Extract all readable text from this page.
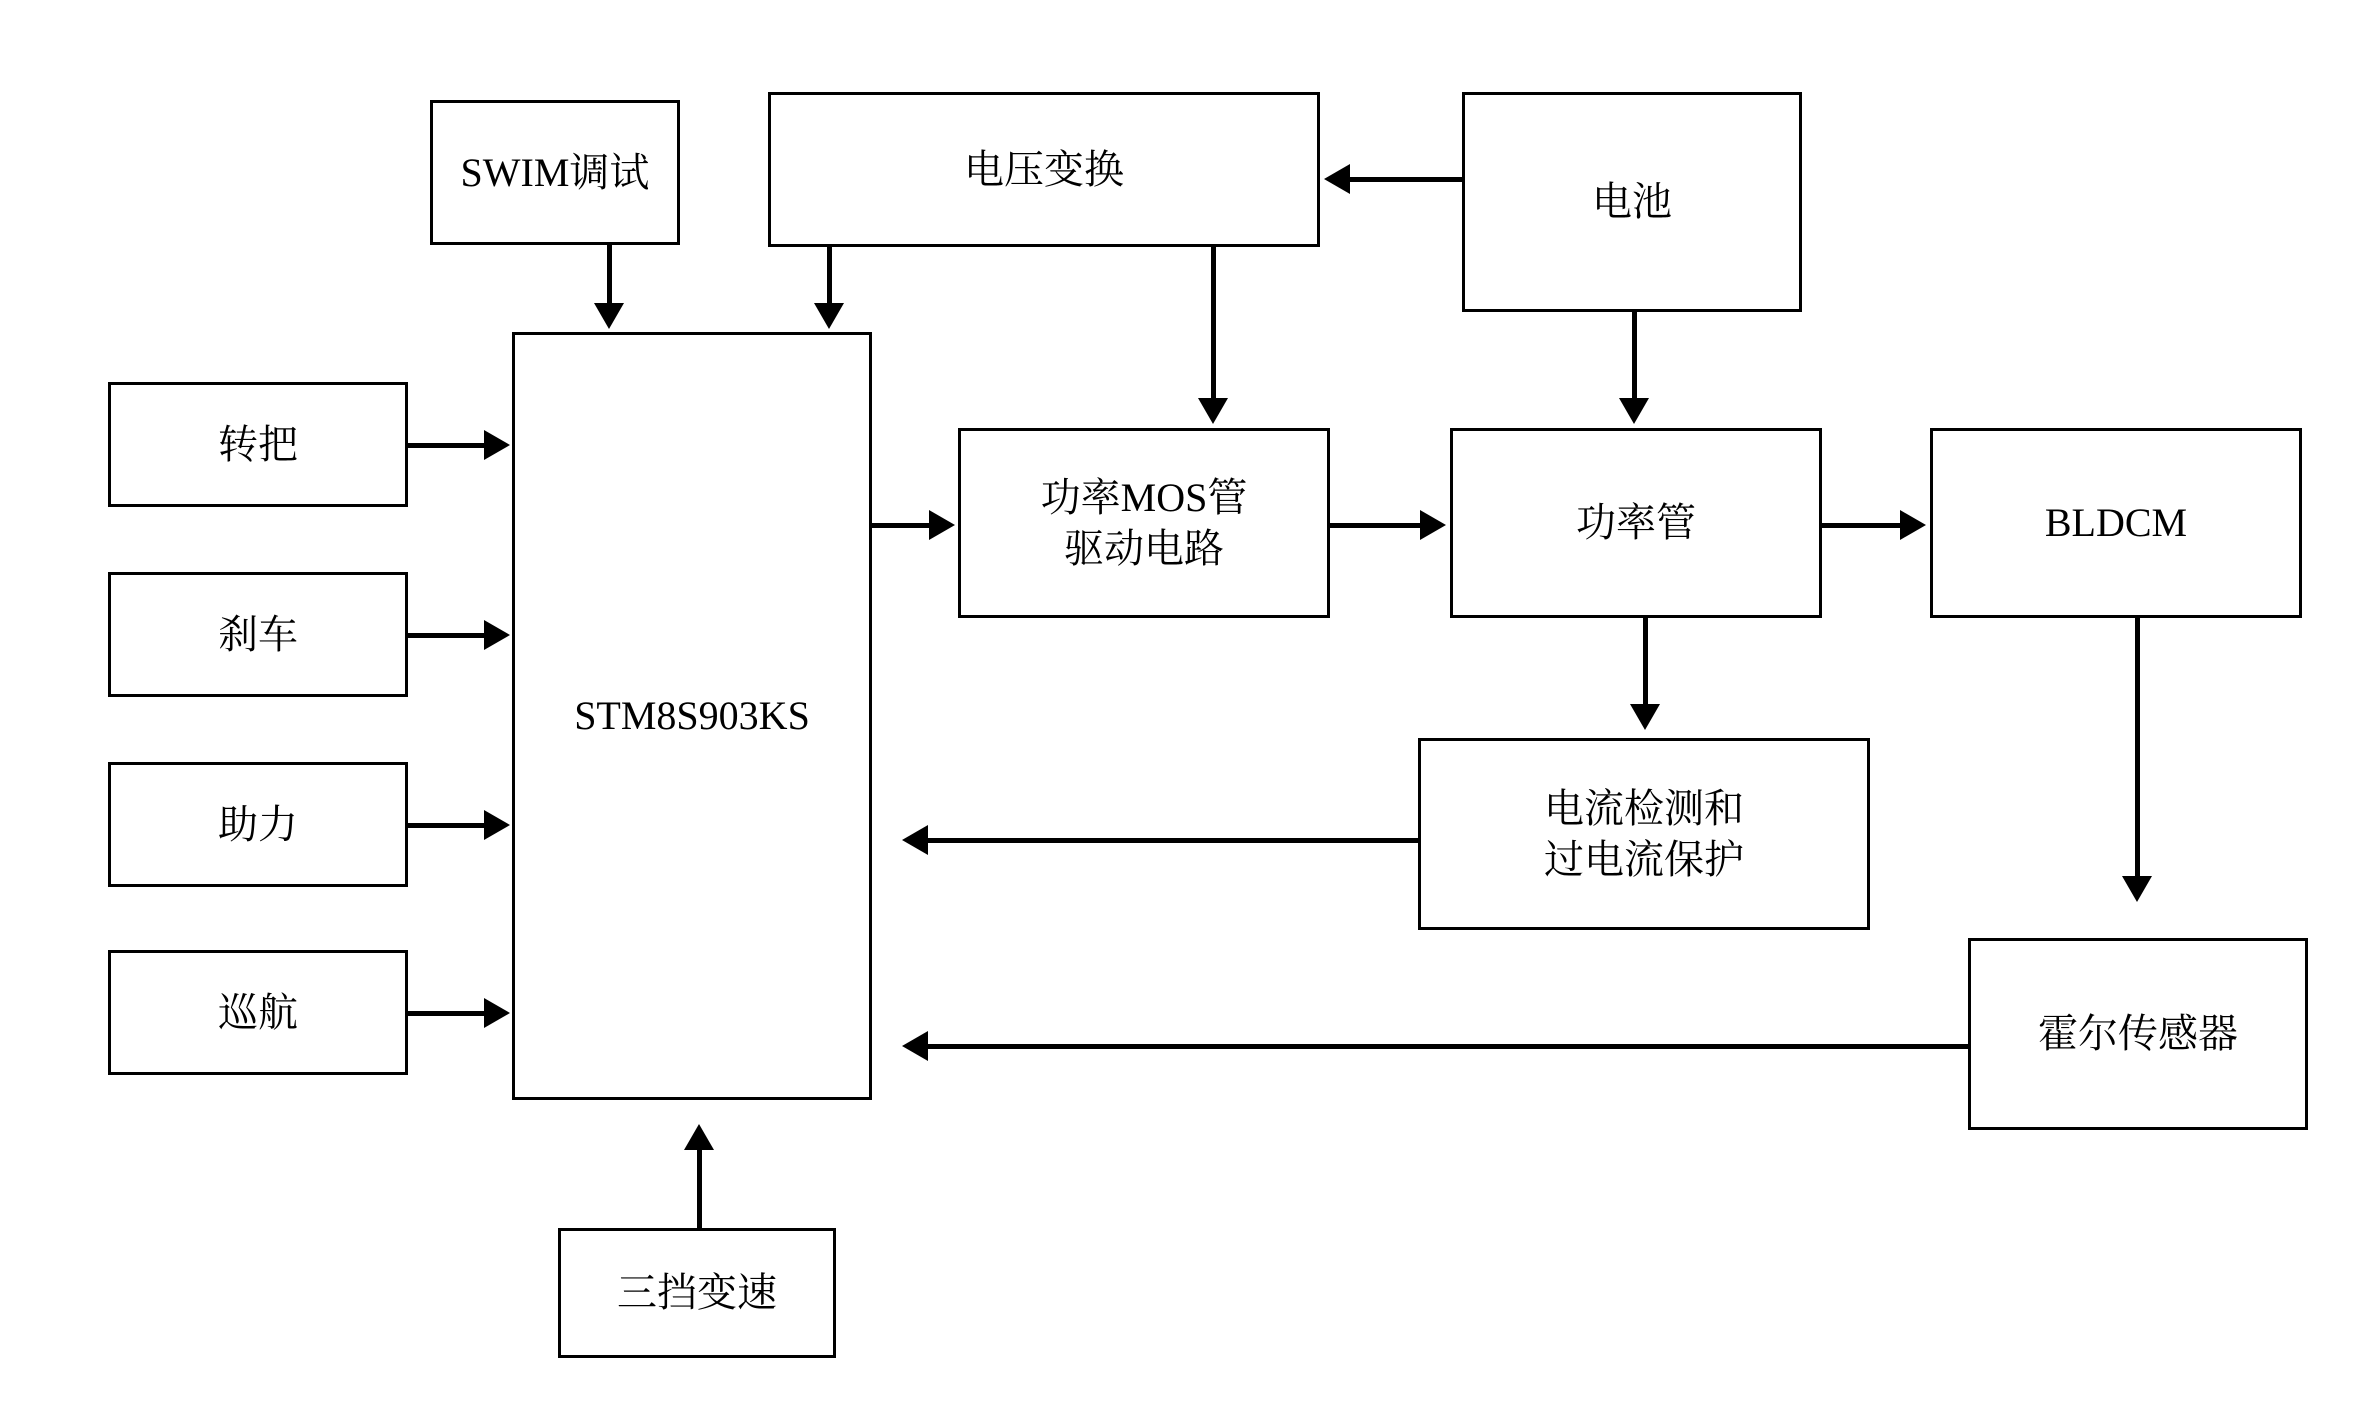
SWIM调试	电压变换
电池
转把
刹车
助力
巡航
STM8S903KS
功率MOS管
驱动电路
功率管	BLDCM
电流检测和
过电流保护
霍尔传感器
三挡变速
